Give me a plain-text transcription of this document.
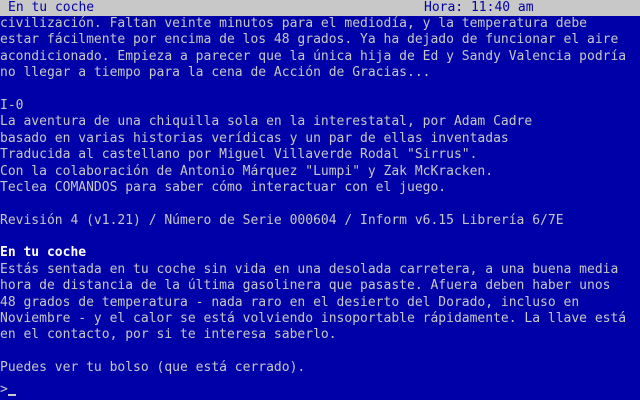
En tu coche

	Hora: 11:40 am

civilización. Faltan veinte minutos para el mediodía, y la temperatura debe
estar fácilmente por encima de los 48 grados. Ya ha dejado de funcionar el aire
acondicionado. Empieza a parecer que la única hija de Ed y Sandy Valencia podría
no llegar a tiempo para la cena de Acción de Gracias...
I-0
La aventura de una chiquilla sola en la interestatal, por Adam Cadre
basado en varias historias verídicas y un par de ellas inventadas
Traducida al castellano por Miguel Villaverde Rodal "Sirrus".
Con la colaboración de Antonio Márquez "Lumpi" y Zak McKracken.
Teclea COMANDOS para saber cómo interactuar con el juego.
Revisión 4 (v1.21) / Número de Serie 000604 / Inform v6.15 Librería 6/7E
En tu coche
Estás sentada en tu coche sin vida en una desolada carretera, a una buena media
hora de distancia de la última gasolinera que pasaste. Afuera deben haber unos
48 grados de temperatura - nada raro en el desierto del Dorado, incluso en
Noviembre - y el calor se está volviendo insoportable rápidamente. La llave está
en el contacto, por si te interesa saberlo.
Puedes ver tu bolso (que está cerrado).
>
